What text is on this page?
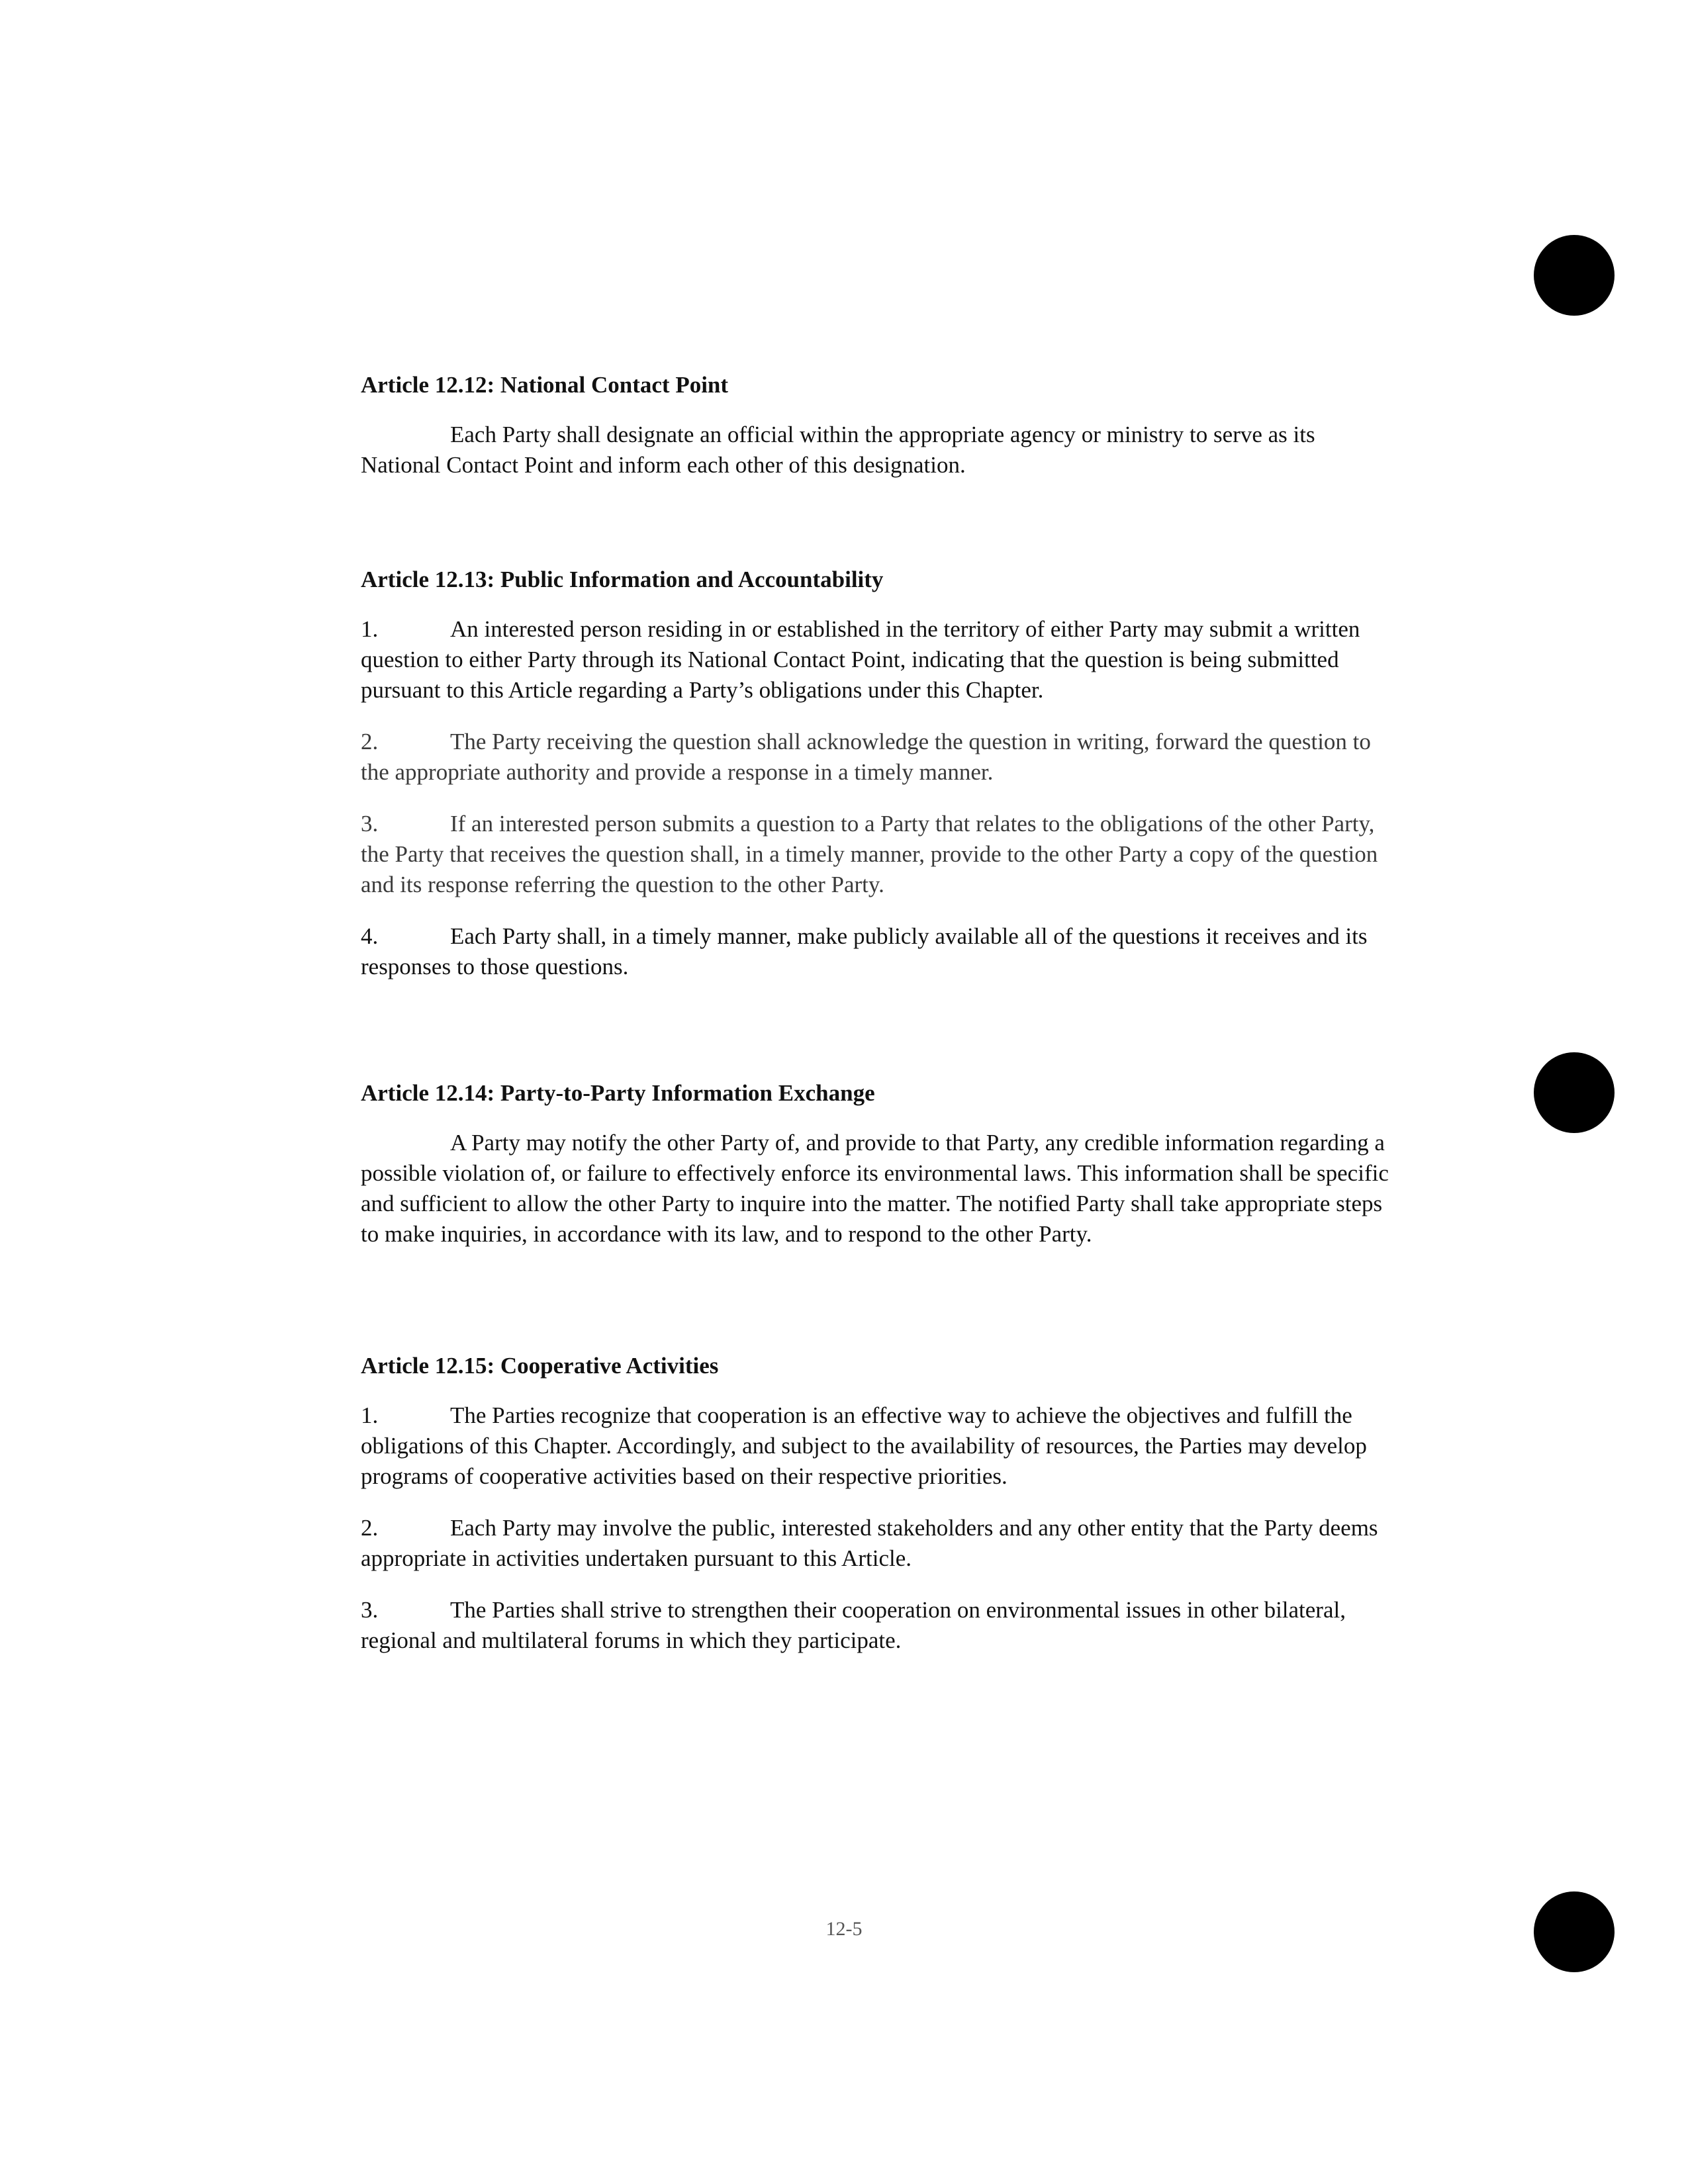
Article 12.12: National Contact Point

Each Party shall designate an official within the appropriate agency or ministry to serve as its National Contact Point and inform each other of this designation.

Article 12.13: Public Information and Accountability

1.	An interested person residing in or established in the territory of either Party may submit a written question to either Party through its National Contact Point, indicating that the question is being submitted pursuant to this Article regarding a Party’s obligations under this Chapter.

2.	The Party receiving the question shall acknowledge the question in writing, forward the question to the appropriate authority and provide a response in a timely manner.

3.	If an interested person submits a question to a Party that relates to the obligations of the other Party, the Party that receives the question shall, in a timely manner, provide to the other Party a copy of the question and its response referring the question to the other Party.

4.	Each Party shall, in a timely manner, make publicly available all of the questions it receives and its responses to those questions.

Article 12.14: Party-to-Party Information Exchange

A Party may notify the other Party of, and provide to that Party, any credible information regarding a possible violation of, or failure to effectively enforce its environmental laws. This information shall be specific and sufficient to allow the other Party to inquire into the matter. The notified Party shall take appropriate steps to make inquiries, in accordance with its law, and to respond to the other Party.

Article 12.15: Cooperative Activities

1.	The Parties recognize that cooperation is an effective way to achieve the objectives and fulfill the obligations of this Chapter. Accordingly, and subject to the availability of resources, the Parties may develop programs of cooperative activities based on their respective priorities.

2.	Each Party may involve the public, interested stakeholders and any other entity that the Party deems appropriate in activities undertaken pursuant to this Article.

3.	The Parties shall strive to strengthen their cooperation on environmental issues in other bilateral, regional and multilateral forums in which they participate.

12-5
